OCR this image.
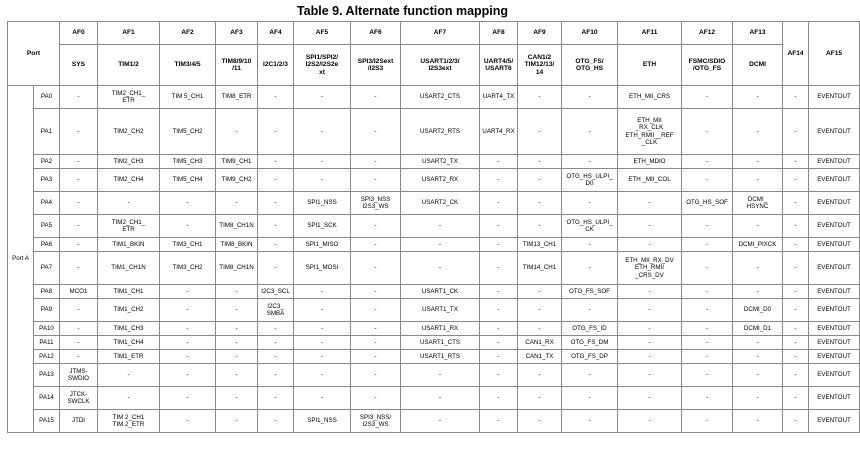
Table 9. Alternate function mapping
Port		AF0	AF1	AF2	AF3	AF4	AF5	AF6	AF7	AF8	AF9	AF10	AF11	AF12	AF13	AF14	AF15
		SYS	TIM1/2	TIM3/4/5	TIM8/9/10
/11	I2C1/2/3	SPI1/SPI2/
I2S2/I2S2e
xt	SPI3/I2Sext
/I2S3	USART1/2/3/
I2S3ext	UART4/5/
USART6	CAN1/2
TIM12/13/
14	OTG_FS/
OTG_HS	ETH	FSMC/SDIO
/OTG_FS	DCMI		
Port A	PA0	-	TIM2_CH1_
ETR	TIM 5_CH1	TIM8_ETR	-	-	-	USART2_CTS	UART4_TX	-	-	ETH_MII_CRS	-	-	-	EVENTOUT
	PA1	-	TIM2_CH2	TIM5_CH2	-	-	-	-	USART2_RTS	UART4_RX	-	-	ETH_MII
_RX_CLK
ETH_RMII__REF
_CLK	-	-	-	EVENTOUT
	PA2	-	TIM2_CH3	TIM5_CH3	TIM9_CH1	-	-	-	USART2_TX	-	-	-	ETH_MDIO	-	-	-	EVENTOUT
	PA3	-	TIM2_CH4	TIM5_CH4	TIM9_CH2	-	-	-	USART2_RX	-	-	OTG_HS_ULPI_
D0	ETH _MII_COL	-	-	-	EVENTOUT
	PA4	-	-	-	-	-	SPI1_NSS	SPI3_NSS
I2S3_WS	USART2_CK	-	-	-	-	OTG_HS_SOF	DCMI_
HSYNC	-	EVENTOUT
	PA5	-	TIM2_CH1_
ETR	-	TIM8_CH1N	-	SPI1_SCK	-	-	-	-	OTG_HS_ULPI_
CK	-	-	-	-	EVENTOUT
	PA6	-	TIM1_BKIN	TIM3_CH1	TIM8_BKIN	-	SPI1_MISO	-	-	-	TIM13_CH1	-	-	-	DCMI_PIXCK	-	EVENTOUT
	PA7	-	TIM1_CH1N	TIM3_CH2	TIM8_CH1N	-	SPI1_MOSI	-	-	-	TIM14_CH1	-	ETH_MII_RX_DV
ETH_RMII
_CRS_DV	-	-	-	EVENTOUT
	PA8	MCO1	TIM1_CH1	-	-	I2C3_SCL	-	-	USART1_CK	-	-	OTG_FS_SOF	-	-	-	-	EVENTOUT
	PA9	-	TIM1_CH2	-	-	I2C3_
SMBA	-	-	USART1_TX	-	-	-	-	-	DCMI_D0	-	EVENTOUT
	PA10	-	TIM1_CH3	-	-	-	-	-	USART1_RX	-	-	OTG_FS_ID	-	-	DCMI_D1	-	EVENTOUT
	PA11	-	TIM1_CH4	-	-	-	-	-	USART1_CTS	-	CAN1_RX	OTG_FS_DM	-	-	-	-	EVENTOUT
	PA12	-	TIM1_ETR	-	-	-	-	-	USART1_RTS	-	CAN1_TX	OTG_FS_DP	-	-	-	-	EVENTOUT
	PA13	JTMS-
SWDIO	-	-	-	-	-	-	-	-	-	-	-	-	-	-	EVENTOUT
	PA14	JTCK-
SWCLK	-	-	-	-	-	-	-	-	-	-	-	-	-	-	EVENTOUT
	PA15	JTDI	TIM 2_CH1
TIM 2_ETR	-	-	-	SPI1_NSS	SPI3_NSS/
I2S3_WS	-	-	-	-	-	-	-	-	EVENTOUT
